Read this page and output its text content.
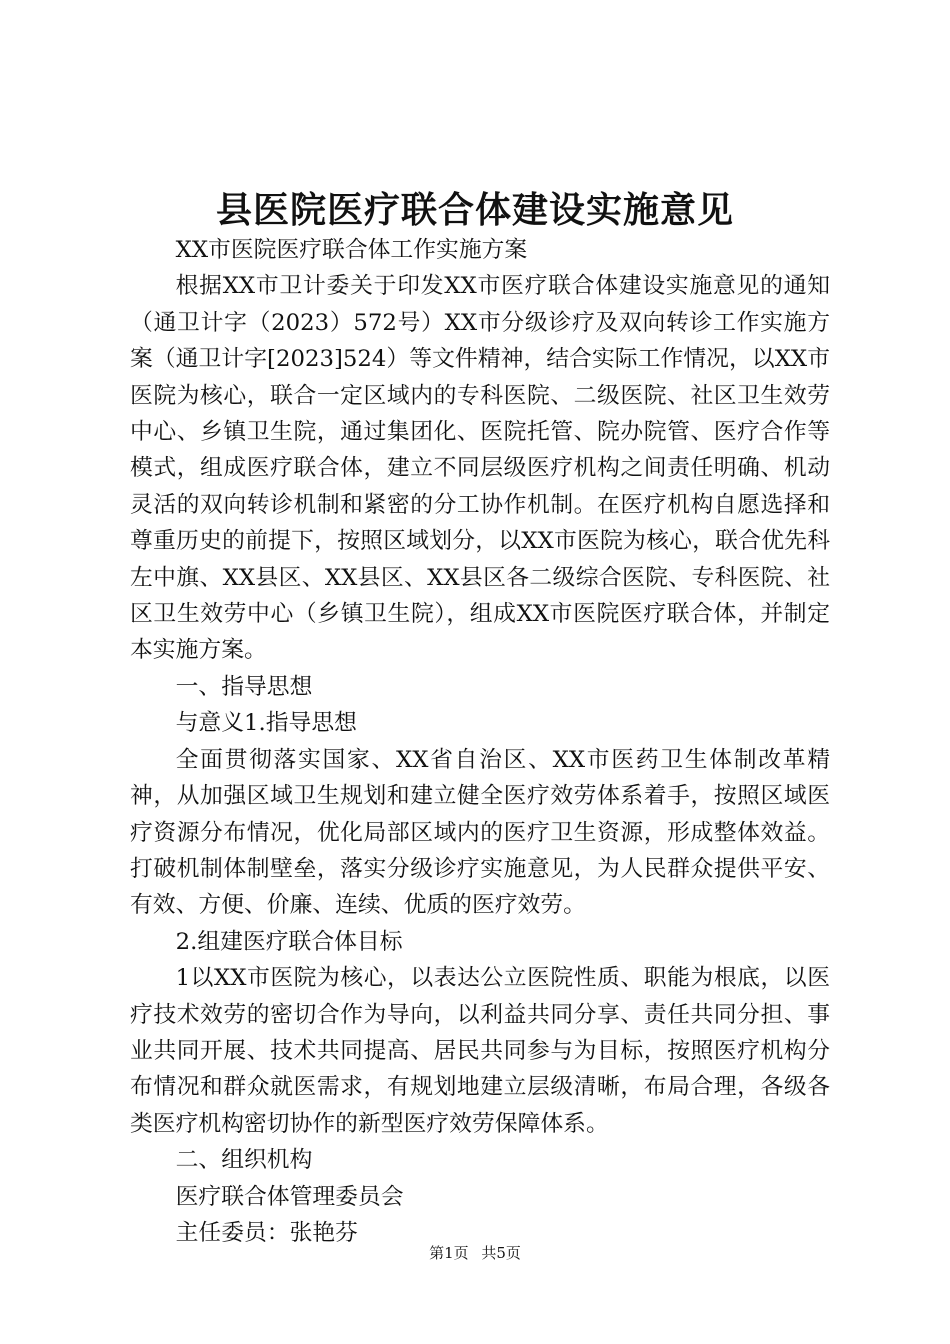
县医院医疗联合体建设实施意见

XX市医院医疗联合体工作实施方案

根据XX市卫计委关于印发XX市医疗联合体建设实施意见的通知（通卫计字（2023）572号）XX市分级诊疗及双向转诊工作实施方案（通卫计字[2023]524）等文件精神，结合实际工作情况，以XX市医院为核心，联合一定区域内的专科医院、二级医院、社区卫生效劳中心、乡镇卫生院，通过集团化、医院托管、院办院管、医疗合作等模式，组成医疗联合体，建立不同层级医疗机构之间责任明确、机动灵活的双向转诊机制和紧密的分工协作机制。在医疗机构自愿选择和尊重历史的前提下，按照区域划分，以XX市医院为核心，联合优先科左中旗、XX县区、XX县区、XX县区各二级综合医院、专科医院、社区卫生效劳中心（乡镇卫生院），组成XX市医院医疗联合体，并制定本实施方案。

一、指导思想

与意义1.指导思想

全面贯彻落实国家、XX省自治区、XX市医药卫生体制改革精神，从加强区域卫生规划和建立健全医疗效劳体系着手，按照区域医疗资源分布情况，优化局部区域内的医疗卫生资源，形成整体效益。打破机制体制壁垒，落实分级诊疗实施意见，为人民群众提供平安、有效、方便、价廉、连续、优质的医疗效劳。

2.组建医疗联合体目标

1以XX市医院为核心，以表达公立医院性质、职能为根底，以医疗技术效劳的密切合作为导向，以利益共同分享、责任共同分担、事业共同开展、技术共同提高、居民共同参与为目标，按照医疗机构分布情况和群众就医需求，有规划地建立层级清晰，布局合理，各级各类医疗机构密切协作的新型医疗效劳保障体系。

二、组织机构

医疗联合体管理委员会

主任委员：张艳芬

第1页 共5页
